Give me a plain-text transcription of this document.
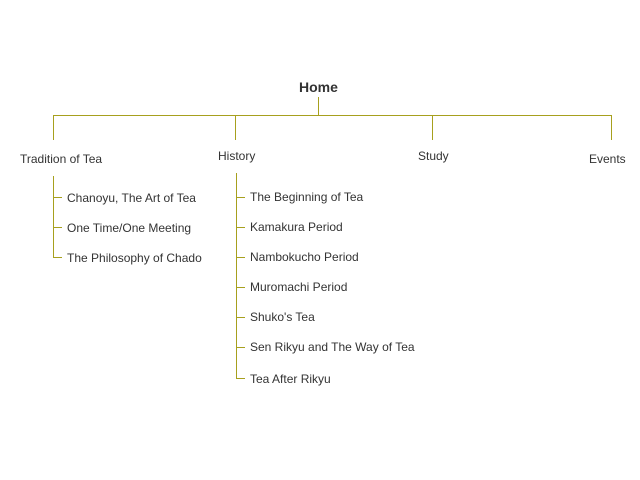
Home
Tradition of Tea	History	Study	Events
Chanoyu, The Art of Tea
One Time/One Meeting
The Philosophy of Chado
The Beginning of Tea
Kamakura Period
Nambokucho Period
Muromachi Period
Shuko's Tea
Sen Rikyu and The Way of Tea
Tea After Rikyu
